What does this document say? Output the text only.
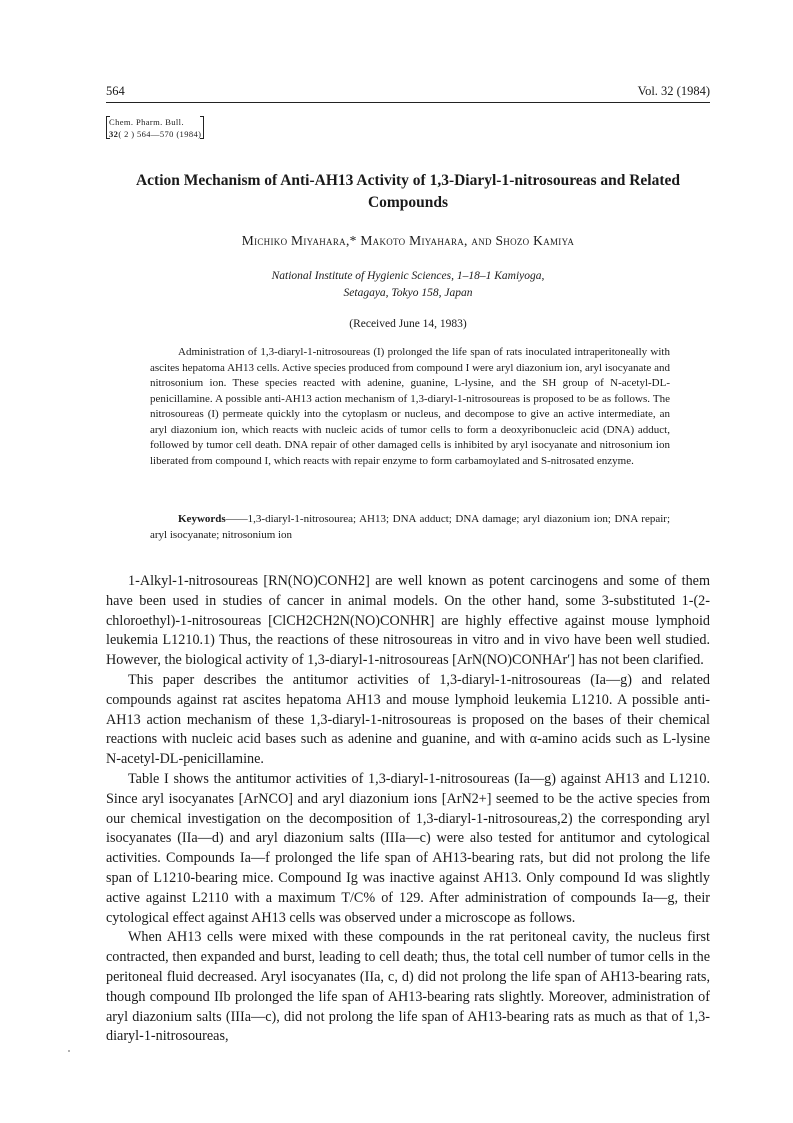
564	Vol. 32 (1984)
Chem. Pharm. Bull.
32( 2 ) 564—570 (1984)
Action Mechanism of Anti-AH13 Activity of 1,3-Diaryl-1-nitrosoureas and Related Compounds
Michiko Miyahara,* Makoto Miyahara, and Shozo Kamiya
National Institute of Hygienic Sciences, 1–18–1 Kamiyoga,
Setagaya, Tokyo 158, Japan
(Received June 14, 1983)

Administration of 1,3-diaryl-1-nitrosoureas (I) prolonged the life span of rats inoculated intraperitoneally with ascites hepatoma AH13 cells. Active species produced from compound I were aryl diazonium ion, aryl isocyanate and nitrosonium ion. These species reacted with adenine, guanine, L-lysine, and the SH group of N-acetyl-DL-penicillamine. A possible anti-AH13 action mechanism of 1,3-diaryl-1-nitrosoureas is proposed to be as follows. The nitrosoureas (I) permeate quickly into the cytoplasm or nucleus, and decompose to give an active intermediate, an aryl diazonium ion, which reacts with nucleic acids of tumor cells to form a deoxyribonucleic acid (DNA) adduct, followed by tumor cell death. DNA repair of other damaged cells is inhibited by aryl isocyanate and nitrosonium ion liberated from compound I, which reacts with repair enzyme to form carbamoylated and S-nitrosated enzyme.

Keywords——1,3-diaryl-1-nitrosourea; AH13; DNA adduct; DNA damage; aryl diazonium ion; DNA repair; aryl isocyanate; nitrosonium ion

1-Alkyl-1-nitrosoureas [RN(NO)CONH2] are well known as potent carcinogens and some of them have been used in studies of cancer in animal models. On the other hand, some 3-substituted 1-(2-chloroethyl)-1-nitrosoureas [ClCH2CH2N(NO)CONHR] are highly effective against mouse lymphoid leukemia L1210.1) Thus, the reactions of these nitrosoureas in vitro and in vivo have been well studied. However, the biological activity of 1,3-diaryl-1-nitrosoureas [ArN(NO)CONHAr′] has not been clarified.

This paper describes the antitumor activities of 1,3-diaryl-1-nitrosoureas (Ia—g) and related compounds against rat ascites hepatoma AH13 and mouse lymphoid leukemia L1210. A possible anti-AH13 action mechanism of these 1,3-diaryl-1-nitrosoureas is proposed on the bases of their chemical reactions with nucleic acid bases such as adenine and guanine, and with α-amino acids such as L-lysine N-acetyl-DL-penicillamine.

Table I shows the antitumor activities of 1,3-diaryl-1-nitrosoureas (Ia—g) against AH13 and L1210. Since aryl isocyanates [ArNCO] and aryl diazonium ions [ArN2+] seemed to be the active species from our chemical investigation on the decomposition of 1,3-diaryl-1-nitrosoureas,2) the corresponding aryl isocyanates (IIa—d) and aryl diazonium salts (IIIa—c) were also tested for antitumor and cytological activities. Compounds Ia—f prolonged the life span of AH13-bearing rats, but did not prolong the life span of L1210-bearing mice. Compound Ig was inactive against AH13. Only compound Id was slightly active against L2110 with a maximum T/C% of 129. After administration of compounds Ia—g, their cytological effect against AH13 cells was observed under a microscope as follows.

When AH13 cells were mixed with these compounds in the rat peritoneal cavity, the nucleus first contracted, then expanded and burst, leading to cell death; thus, the total cell number of tumor cells in the peritoneal fluid decreased. Aryl isocyanates (IIa, c, d) did not prolong the life span of AH13-bearing rats, though compound IIb prolonged the life span of AH13-bearing rats slightly. Moreover, administration of aryl diazonium salts (IIIa—c), did not prolong the life span of AH13-bearing rats as much as that of 1,3-diaryl-1-nitrosoureas,
